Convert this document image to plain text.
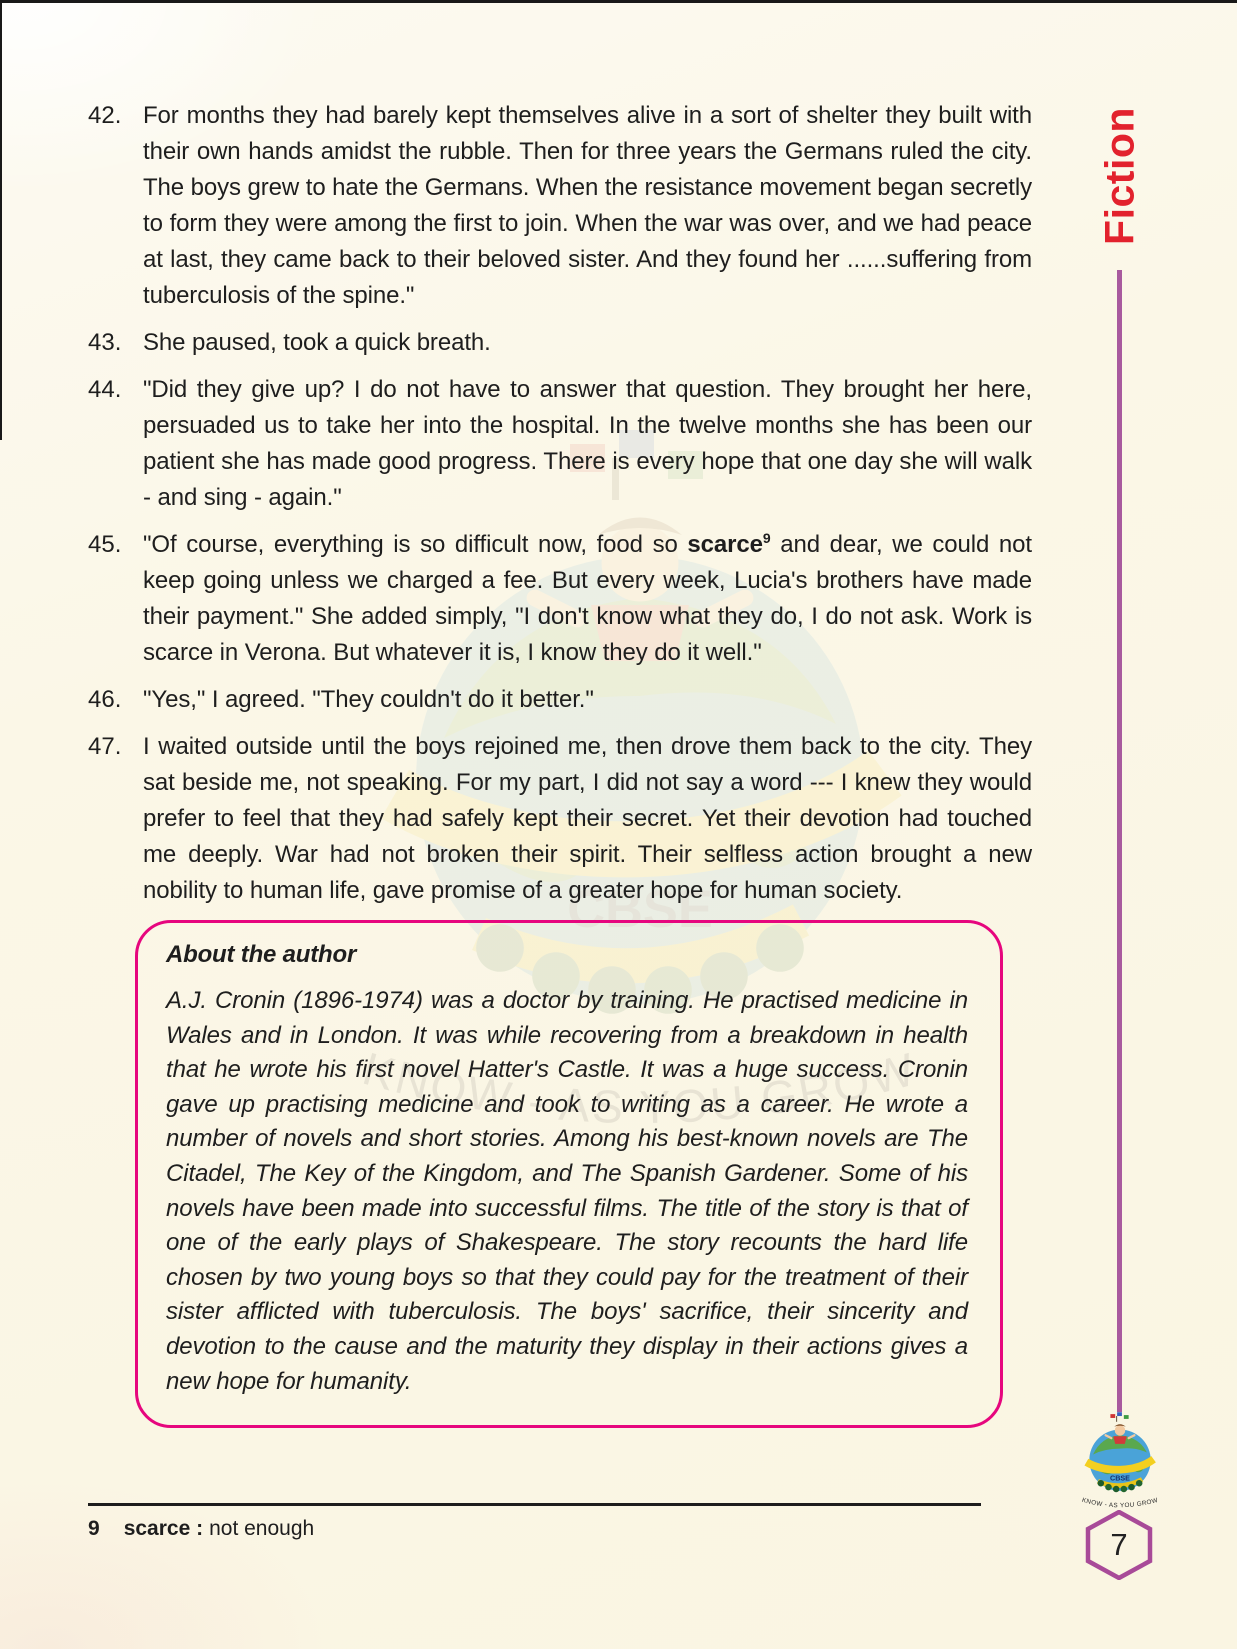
42. For months they had barely kept themselves alive in a sort of shelter they built with their own hands amidst the rubble. Then for three years the Germans ruled the city. The boys grew to hate the Germans. When the resistance movement began secretly to form they were among the first to join. When the war was over, and we had peace at last, they came back to their beloved sister. And they found her ......suffering from tuberculosis of the spine."

43. She paused, took a quick breath.

44. "Did they give up? I do not have to answer that question. They brought her here, persuaded us to take her into the hospital. In the twelve months she has been our patient she has made good progress. There is every hope that one day she will walk - and sing - again."

45. "Of course, everything is so difficult now, food so scarce$^9$ and dear, we could not keep going unless we charged a fee. But every week, Lucia's brothers have made their payment." She added simply, "I don't know what they do, I do not ask. Work is scarce in Verona. But whatever it is, I know they do it well."

46. "Yes," I agreed. "They couldn't do it better."

47. I waited outside until the boys rejoined me, then drove them back to the city. They sat beside me, not speaking. For my part, I did not say a word --- I knew they would prefer to feel that they had safely kept their secret. Yet their devotion had touched me deeply. War had not broken their spirit. Their selfless action brought a new nobility to human life, gave promise of a greater hope for human society.

About the author

A.J. Cronin (1896-1974) was a doctor by training. He practised medicine in Wales and in London. It was while recovering from a breakdown in health that he wrote his first novel Hatter's Castle. It was a huge success. Cronin gave up practising medicine and took to writing as a career. He wrote a number of novels and short stories. Among his best-known novels are The Citadel, The Key of the Kingdom, and The Spanish Gardener. Some of his novels have been made into successful films. The title of the story is that of one of the early plays of Shakespeare. The story recounts the hard life chosen by two young boys so that they could pay for the treatment of their sister afflicted with tuberculosis. The boys' sacrifice, their sincerity and devotion to the cause and the maturity they display in their actions gives a new hope for humanity.

Fiction
7

9 scarce : not enough
